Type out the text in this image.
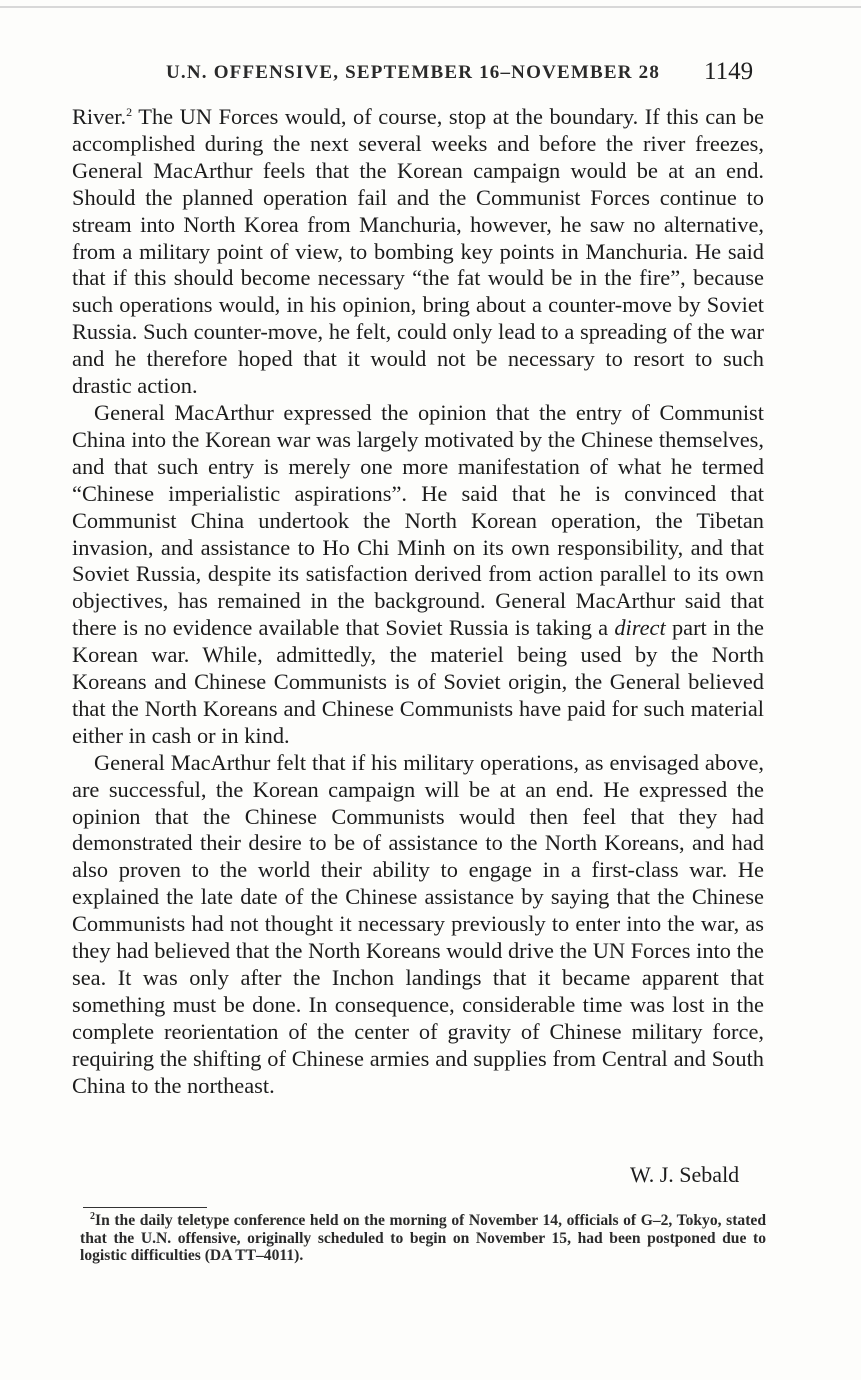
U.N. OFFENSIVE, SEPTEMBER 16–NOVEMBER 28 1149

River.$^2$ The UN Forces would, of course, stop at the boundary. If this can be accomplished during the next several weeks and before the river freezes, General MacArthur feels that the Korean campaign would be at an end. Should the planned operation fail and the Communist Forces continue to stream into North Korea from Manchuria, however, he saw no alternative, from a military point of view, to bombing key points in Manchuria. He said that if this should become necessary “the fat would be in the fire”, because such operations would, in his opinion, bring about a counter-move by Soviet Russia. Such counter-move, he felt, could only lead to a spreading of the war and he therefore hoped that it would not be necessary to resort to such drastic action.

General MacArthur expressed the opinion that the entry of Communist China into the Korean war was largely motivated by the Chinese themselves, and that such entry is merely one more manifestation of what he termed “Chinese imperialistic aspirations”. He said that he is convinced that Communist China undertook the North Korean operation, the Tibetan invasion, and assistance to Ho Chi Minh on its own responsibility, and that Soviet Russia, despite its satisfaction derived from action parallel to its own objectives, has remained in the background. General MacArthur said that there is no evidence available that Soviet Russia is taking a direct part in the Korean war. While, admittedly, the materiel being used by the North Koreans and Chinese Communists is of Soviet origin, the General believed that the North Koreans and Chinese Communists have paid for such material either in cash or in kind.

General MacArthur felt that if his military operations, as envisaged above, are successful, the Korean campaign will be at an end. He expressed the opinion that the Chinese Communists would then feel that they had demonstrated their desire to be of assistance to the North Koreans, and had also proven to the world their ability to engage in a first-class war. He explained the late date of the Chinese assistance by saying that the Chinese Communists had not thought it necessary previously to enter into the war, as they had believed that the North Koreans would drive the UN Forces into the sea. It was only after the Inchon landings that it became apparent that something must be done. In consequence, considerable time was lost in the complete reorientation of the center of gravity of Chinese military force, requiring the shifting of Chinese armies and supplies from Central and South China to the northeast.

W. J. Sebald

$^2$In the daily teletype conference held on the morning of November 14, officials of G–2, Tokyo, stated that the U.N. offensive, originally scheduled to begin on November 15, had been postponed due to logistic difficulties (DA TT–4011).
